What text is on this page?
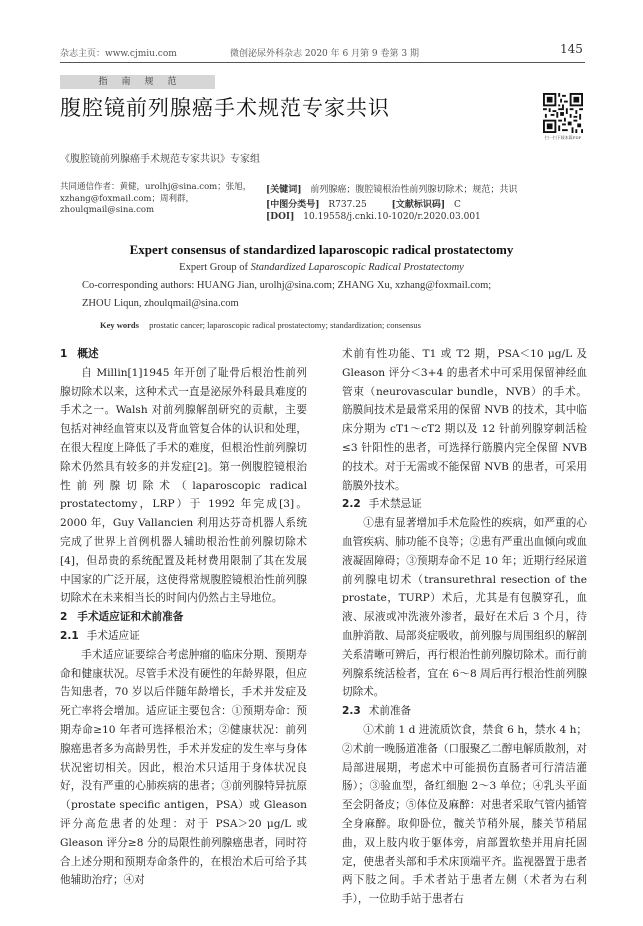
杂志主页：www.cjmiu.com	微创泌尿外科杂志 2020 年 6 月第 9 卷第 3 期	145
指南规范
腹腔镜前列腺癌手术规范专家共识
扫一扫下载本篇PDF
《腹腔镜前列腺癌手术规范专家共识》专家组
共同通信作者：黄健，urolhj@sina.com；张旭，xzhang@foxmail.com；周利群，zhoulqmail@sina.com
[关键词] 前列腺癌；腹腔镜根治性前列腺切除术；规范；共识
[中图分类号] R737.25	[文献标识码] C
[DOI] 10.19558/j.cnki.10-1020/r.2020.03.001
Expert consensus of standardized laparoscopic radical prostatectomy
Expert Group of Standardized Laparoscopic Radical Prostatectomy
Co-corresponding authors: HUANG Jian, urolhj@sina.com; ZHANG Xu, xzhang@foxmail.com;
ZHOU Liqun, zhoulqmail@sina.com
Key words prostatic cancer; laparoscopic radical prostatectomy; standardization; consensus
1 概述

自 Millin[1]1945 年开创了耻骨后根治性前列腺切除术以来，这种术式一直是泌尿外科最具难度的手术之一。Walsh 对前列腺解剖研究的贡献，主要包括对神经血管束以及背血管复合体的认识和处理，在很大程度上降低了手术的难度，但根治性前列腺切除术仍然具有较多的并发症[2]。第一例腹腔镜根治性前列腺切除术（laparoscopic radical prostatectomy，LRP）于 1992 年完成[3]。2000 年，Guy Vallancien 利用达芬奇机器人系统完成了世界上首例机器人辅助根治性前列腺切除术[4]，但昂贵的系统配置及耗材费用限制了其在发展中国家的广泛开展，这使得常规腹腔镜根治性前列腺切除术在未来相当长的时间内仍然占主导地位。

2 手术适应证和术前准备
2.1 手术适应证

手术适应证要综合考虑肿瘤的临床分期、预期寿命和健康状况。尽管手术没有硬性的年龄界限，但应告知患者，70 岁以后伴随年龄增长，手术并发症及死亡率将会增加。适应证主要包含：①预期寿命：预期寿命≥10 年者可选择根治术；②健康状况：前列腺癌患者多为高龄男性，手术并发症的发生率与身体状况密切相关。因此，根治术只适用于身体状况良好，没有严重的心肺疾病的患者；③前列腺特异抗原（prostate specific antigen，PSA）或 Gleason 评分高危患者的处理：对于 PSA＞20 μg/L 或 Gleason 评分≥8 分的局限性前列腺癌患者，同时符合上述分期和预期寿命条件的，在根治术后可给予其他辅助治疗；④对

术前有性功能、T1 或 T2 期，PSA＜10 μg/L 及 Gleason 评分＜3+4 的患者术中可采用保留神经血管束（neurovascular bundle，NVB）的手术。筋膜间技术是最常采用的保留 NVB 的技术，其中临床分期为 cT1～cT2 期以及 12 针前列腺穿刺活检≤3 针阳性的患者，可选择行筋膜内完全保留 NVB 的技术。对于无需或不能保留 NVB 的患者，可采用筋膜外技术。

2.2 手术禁忌证

①患有显著增加手术危险性的疾病，如严重的心血管疾病、肺功能不良等；②患有严重出血倾向或血液凝固障碍；③预期寿命不足 10 年；近期行经尿道前列腺电切术（transurethral resection of the prostate，TURP）术后，尤其是有包膜穿孔，血液、尿液或冲洗液外渗者，最好在术后 3 个月，待血肿消散、局部炎症吸收，前列腺与周围组织的解剖关系清晰可辨后，再行根治性前列腺切除术。而行前列腺系统活检者，宜在 6～8 周后再行根治性前列腺切除术。

2.3 术前准备

①术前 1 d 进流质饮食，禁食 6 h，禁水 4 h；②术前一晚肠道准备（口服聚乙二醇电解质散剂，对局部进展期，考虑术中可能损伤直肠者可行清洁灌肠）；③验血型，备红细胞 2～3 单位；④乳头平面至会阴备皮；⑤体位及麻醉：对患者采取气管内插管全身麻醉。取仰卧位，髋关节稍外展，膝关节稍屈曲，双上肢内收于躯体旁，肩部置软垫并用肩托固定，使患者头部和手术床顶端平齐。监视器置于患者两下肢之间。手术者站于患者左侧（术者为右利手），一位助手站于患者右
